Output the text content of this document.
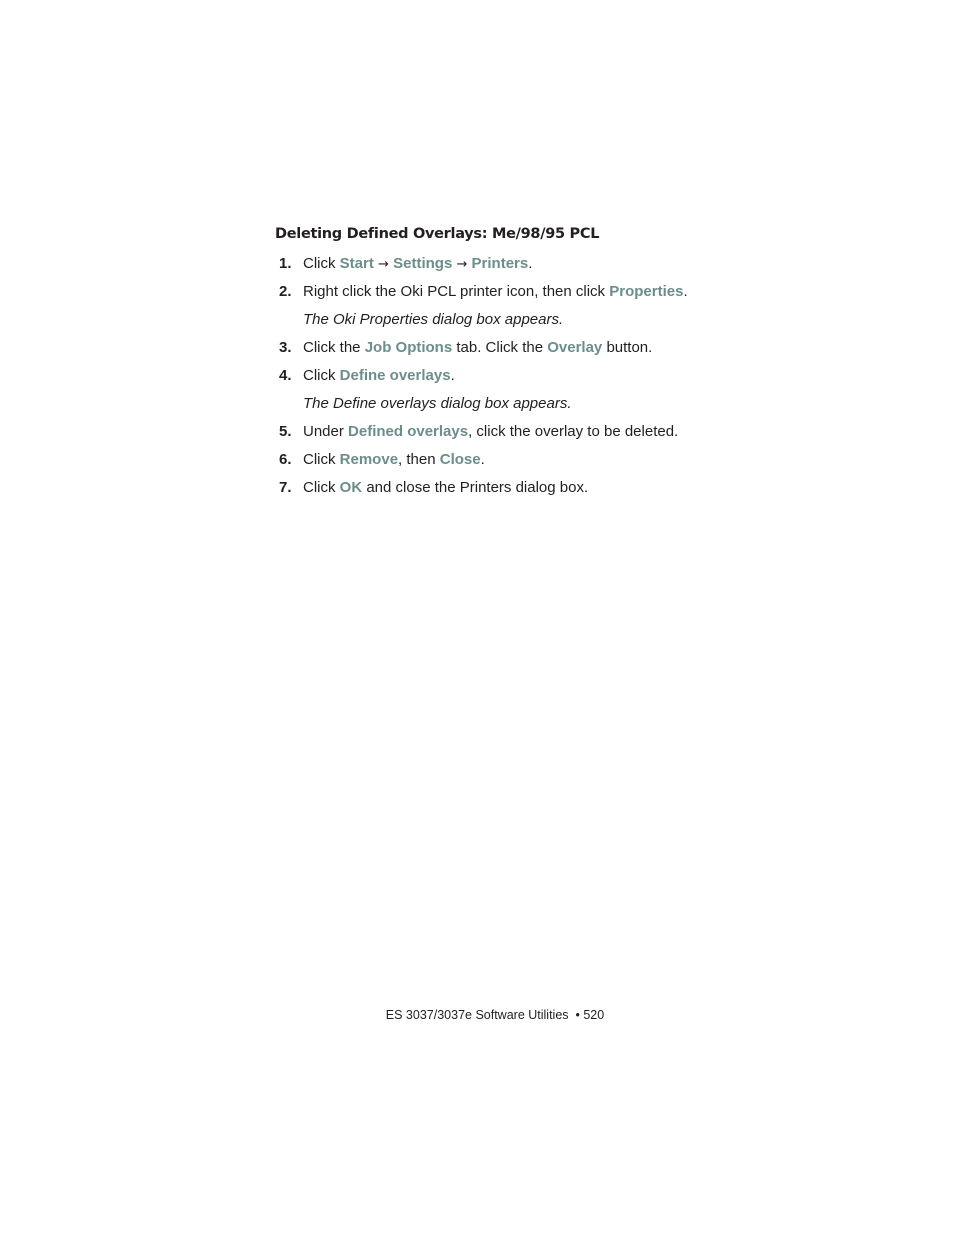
Deleting Defined Overlays: Me/98/95 PCL
1. Click Start → Settings → Printers.
2. Right click the Oki PCL printer icon, then click Properties.
The Oki Properties dialog box appears.
3. Click the Job Options tab. Click the Overlay button.
4. Click Define overlays.
The Define overlays dialog box appears.
5. Under Defined overlays, click the overlay to be deleted.
6. Click Remove, then Close.
7. Click OK and close the Printers dialog box.
ES 3037/3037e Software Utilities • 520
